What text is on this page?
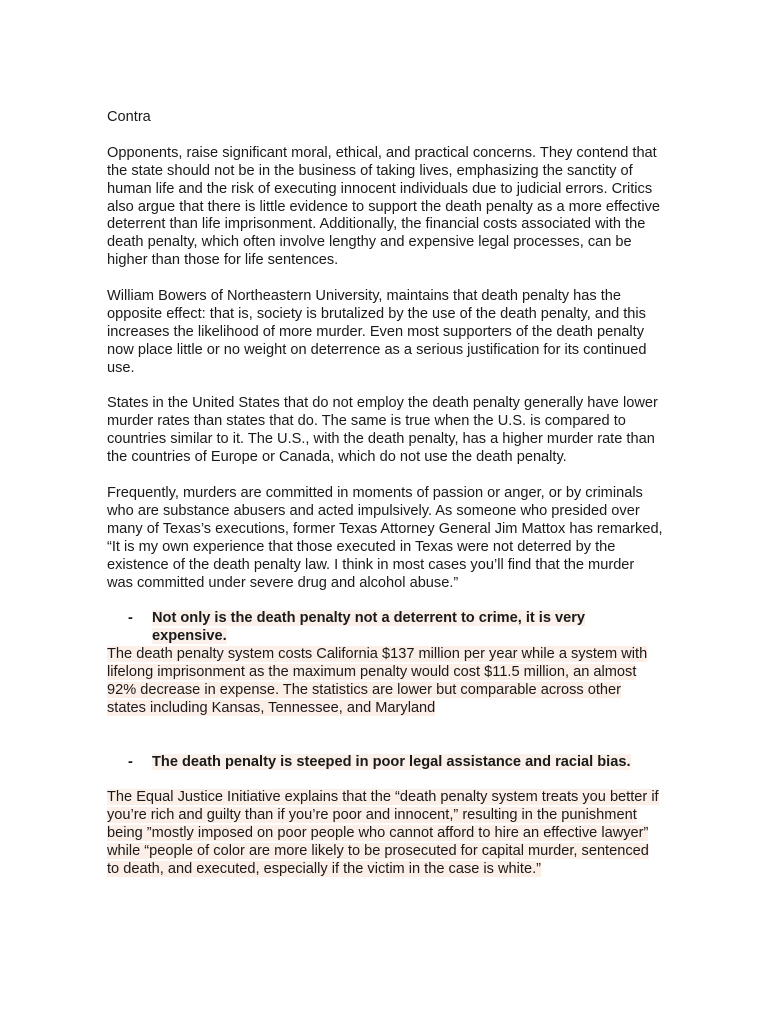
Contra
Opponents, raise significant moral, ethical, and practical concerns. They contend that the state should not be in the business of taking lives, emphasizing the sanctity of human life and the risk of executing innocent individuals due to judicial errors. Critics also argue that there is little evidence to support the death penalty as a more effective deterrent than life imprisonment. Additionally, the financial costs associated with the death penalty, which often involve lengthy and expensive legal processes, can be higher than those for life sentences.
William Bowers of Northeastern University, maintains that death penalty has the opposite effect: that is, society is brutalized by the use of the death penalty, and this increases the likelihood of more murder. Even most supporters of the death penalty now place little or no weight on deterrence as a serious justification for its continued use.
States in the United States that do not employ the death penalty generally have lower murder rates than states that do. The same is true when the U.S. is compared to countries similar to it. The U.S., with the death penalty, has a higher murder rate than the countries of Europe or Canada, which do not use the death penalty.
Frequently, murders are committed in moments of passion or anger, or by criminals who are substance abusers and acted impulsively. As someone who presided over many of Texas’s executions, former Texas Attorney General Jim Mattox has remarked, “It is my own experience that those executed in Texas were not deterred by the existence of the death penalty law. I think in most cases you’ll find that the murder was committed under severe drug and alcohol abuse.”
- Not only is the death penalty not a deterrent to crime, it is very expensive.
The death penalty system costs California $137 million per year while a system with lifelong imprisonment as the maximum penalty would cost $11.5 million, an almost 92% decrease in expense. The statistics are lower but comparable across other states including Kansas, Tennessee, and Maryland
- The death penalty is steeped in poor legal assistance and racial bias.
The Equal Justice Initiative explains that the “death penalty system treats you better if you’re rich and guilty than if you’re poor and innocent,” resulting in the punishment being ”mostly imposed on poor people who cannot afford to hire an effective lawyer” while “people of color are more likely to be prosecuted for capital murder, sentenced to death, and executed, especially if the victim in the case is white.”
